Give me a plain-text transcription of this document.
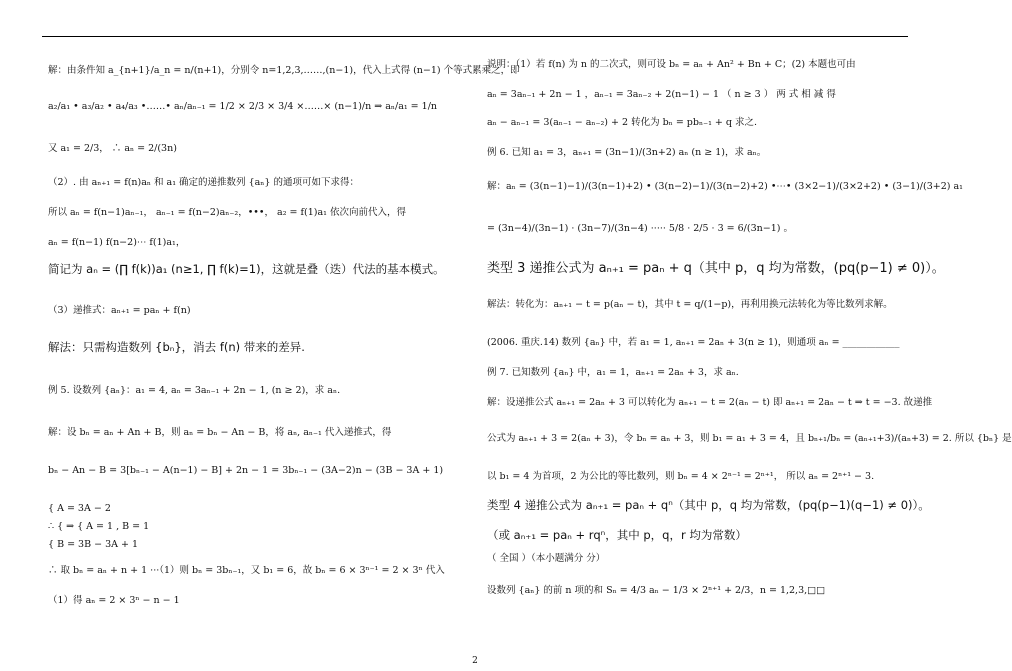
解：由条件知 a_{n+1}/a_n = n/(n+1)，分别令 n=1,2,3,……,(n−1)，代入上式得 (n−1) 个等式累乘之，即
a₂/a₁ • a₃/a₂ • a₄/a₃ •……• aₙ/aₙ₋₁ = 1/2 × 2/3 × 3/4 ×……× (n−1)/n ⇒ aₙ/a₁ = 1/n
又 a₁ = 2/3， ∴ aₙ = 2/(3n)
（2）. 由 aₙ₊₁ = f(n)aₙ 和 a₁ 确定的递推数列 {aₙ} 的通项可如下求得：
所以 aₙ = f(n−1)aₙ₋₁， aₙ₋₁ = f(n−2)aₙ₋₂，•••， a₂ = f(1)a₁ 依次向前代入，得
aₙ = f(n−1) f(n−2)⋯ f(1)a₁，
简记为 aₙ = (∏ f(k))a₁ (n≥1, ∏ f(k)=1)，这就是叠（迭）代法的基本模式。
（3）递推式：aₙ₊₁ = paₙ + f(n)
解法：只需构造数列 {bₙ}，消去 f(n) 带来的差异.
例 5. 设数列 {aₙ}：a₁ = 4, aₙ = 3aₙ₋₁ + 2n − 1, (n ≥ 2)，求 aₙ.
解：设 bₙ = aₙ + An + B，则 aₙ = bₙ − An − B，将 aₙ, aₙ₋₁ 代入递推式，得
bₙ − An − B = 3[bₙ₋₁ − A(n−1) − B] + 2n − 1 = 3bₙ₋₁ − (3A−2)n − (3B − 3A + 1)
{ A = 3A − 2
∴ { ⇒ { A = 1 , B = 1
{ B = 3B − 3A + 1
∴ 取 bₙ = aₙ + n + 1 ···（1）则 bₙ = 3bₙ₋₁，又 b₁ = 6，故 bₙ = 6 × 3ⁿ⁻¹ = 2 × 3ⁿ 代入
（1）得 aₙ = 2 × 3ⁿ − n − 1
说明：（1）若 f(n) 为 n 的二次式，则可设 bₙ = aₙ + An² + Bn + C；(2) 本题也可由
aₙ = 3aₙ₋₁ + 2n − 1 ，aₙ₋₁ = 3aₙ₋₂ + 2(n−1) − 1 （ n ≥ 3 ） 两 式 相 减 得
aₙ − aₙ₋₁ = 3(aₙ₋₁ − aₙ₋₂) + 2 转化为 bₙ = pbₙ₋₁ + q 求之.
例 6. 已知 a₁ = 3，aₙ₊₁ = (3n−1)/(3n+2) aₙ (n ≥ 1)，求 aₙ。
解：aₙ = (3(n−1)−1)/(3(n−1)+2) • (3(n−2)−1)/(3(n−2)+2) •⋯• (3×2−1)/(3×2+2) • (3−1)/(3+2) a₁
= (3n−4)/(3n−1) · (3n−7)/(3n−4) ····· 5/8 · 2/5 · 3 = 6/(3n−1) 。
类型 3 递推公式为 aₙ₊₁ = paₙ + q（其中 p，q 均为常数，(pq(p−1) ≠ 0)）。
解法：转化为：aₙ₊₁ − t = p(aₙ − t)，其中 t = q/(1−p)，再利用换元法转化为等比数列求解。
(2006. 重庆.14) 数列 {aₙ} 中，若 a₁ = 1, aₙ₊₁ = 2aₙ + 3(n ≥ 1)，则通项 aₙ = ____________
例 7. 已知数列 {aₙ} 中，a₁ = 1，aₙ₊₁ = 2aₙ + 3，求 aₙ.
解：设递推公式 aₙ₊₁ = 2aₙ + 3 可以转化为 aₙ₊₁ − t = 2(aₙ − t) 即 aₙ₊₁ = 2aₙ − t ⇒ t = −3. 故递推
公式为 aₙ₊₁ + 3 = 2(aₙ + 3)，令 bₙ = aₙ + 3，则 b₁ = a₁ + 3 = 4，且 bₙ₊₁/bₙ = (aₙ₊₁+3)/(aₙ+3) = 2. 所以 {bₙ} 是
以 b₁ = 4 为首项，2 为公比的等比数列，则 bₙ = 4 × 2ⁿ⁻¹ = 2ⁿ⁺¹， 所以 aₙ = 2ⁿ⁺¹ − 3.
类型 4 递推公式为 aₙ₊₁ = paₙ + qⁿ（其中 p，q 均为常数，(pq(p−1)(q−1) ≠ 0)）。
（或 aₙ₊₁ = paₙ + rqⁿ，其中 p，q，r 均为常数）
（ 全国 ）（本小题满分 分）
设数列 {aₙ} 的前 n 项的和 Sₙ = 4/3 aₙ − 1/3 × 2ⁿ⁺¹ + 2/3，n = 1,2,3,□□
2
